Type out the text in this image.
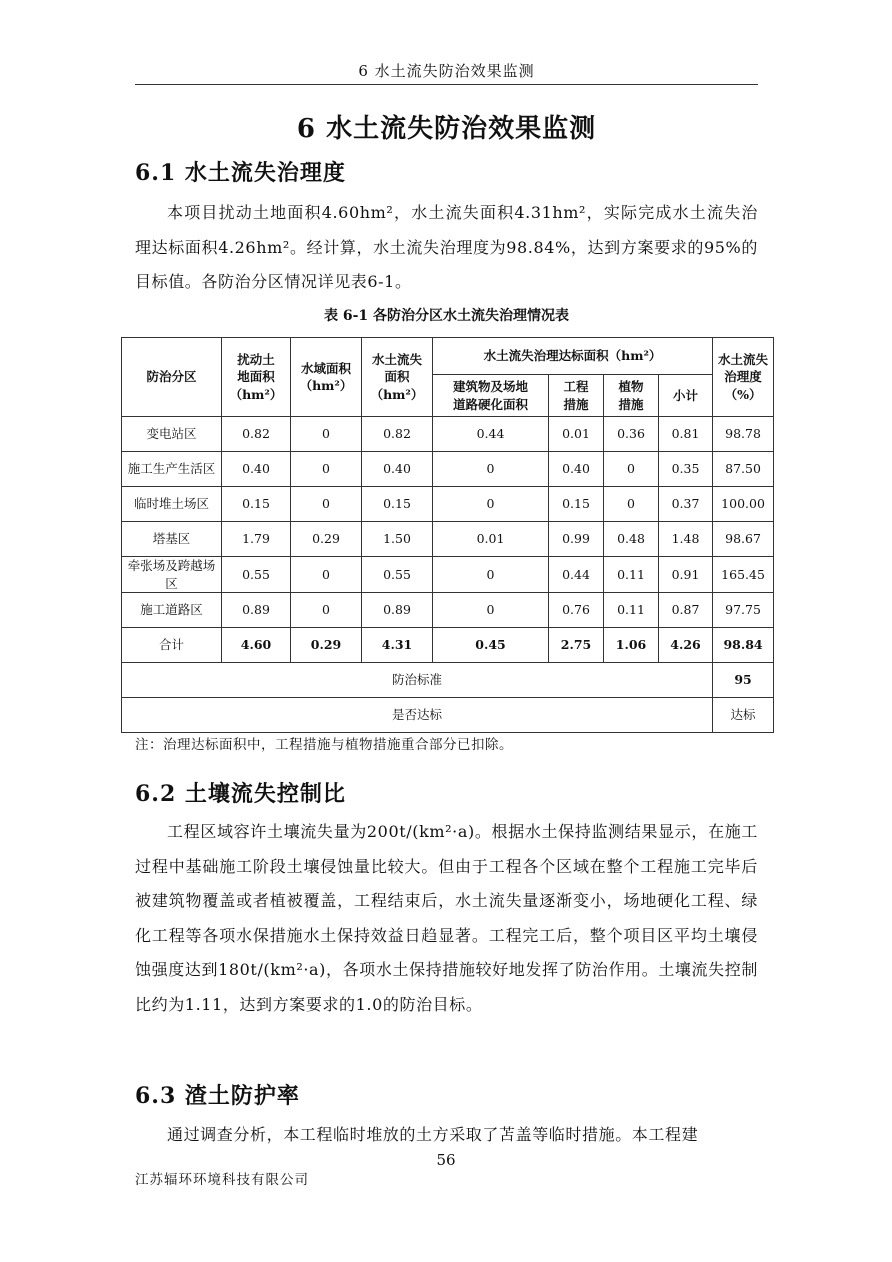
6 水土流失防治效果监测
6 水土流失防治效果监测
6.1 水土流失治理度

本项目扰动土地面积4.60hm²，水土流失面积4.31hm²，实际完成水土流失治理达标面积4.26hm²。经计算，水土流失治理度为98.84%，达到方案要求的95%的目标值。各防治分区情况详见表6-1。

表 6-1 各防治分区水土流失治理情况表
防治分区	扰动土
地面积
（hm²）	水域面积
（hm²）	水土流失
面积
（hm²）	水土流失治理达标面积（hm²）				水土流失
治理度
（%）
				建筑物及场地
道路硬化面积	工程
措施	植物
措施	小计	
变电站区	0.82	0	0.82	0.44	0.01	0.36	0.81	98.78
施工生产生活区	0.40	0	0.40	0	0.40	0	0.35	87.50
临时堆土场区	0.15	0	0.15	0	0.15	0	0.37	100.00
塔基区	1.79	0.29	1.50	0.01	0.99	0.48	1.48	98.67
牵张场及跨越场区	0.55	0	0.55	0	0.44	0.11	0.91	165.45
施工道路区	0.89	0	0.89	0	0.76	0.11	0.87	97.75
合计	4.60	0.29	4.31	0.45	2.75	1.06	4.26	98.84
防治标准								95
是否达标								达标
注：治理达标面积中，工程措施与植物措施重合部分已扣除。
6.2 土壤流失控制比

工程区域容许土壤流失量为200t/(km²·a)。根据水土保持监测结果显示，在施工过程中基础施工阶段土壤侵蚀量比较大。但由于工程各个区域在整个工程施工完毕后被建筑物覆盖或者植被覆盖，工程结束后，水土流失量逐渐变小，场地硬化工程、绿化工程等各项水保措施水土保持效益日趋显著。工程完工后，整个项目区平均土壤侵蚀强度达到180t/(km²·a)，各项水土保持措施较好地发挥了防治作用。土壤流失控制比约为1.11，达到方案要求的1.0的防治目标。

6.3 渣土防护率

通过调查分析，本工程临时堆放的土方采取了苫盖等临时措施。本工程建

56
江苏辐环环境科技有限公司
